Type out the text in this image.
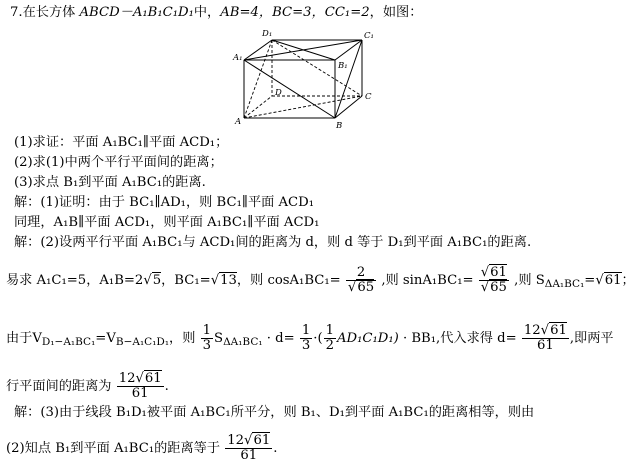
7.在长方体 ABCD－A₁B₁C₁D₁中，AB=4，BC=3，CC₁=2，如图：
A	B
C
D
A₁
B₁
C₁
D₁
(1)求证：平面 A₁BC₁∥平面 ACD₁；
(2)求(1)中两个平行平面间的距离；
(3)求点 B₁到平面 A₁BC₁的距离.
解：(1)证明：由于 BC₁∥AD₁，则 BC₁∥平面 ACD₁
同理，A₁B∥平面 ACD₁，则平面 A₁BC₁∥平面 ACD₁
解：(2)设两平行平面 A₁BC₁与 ACD₁间的距离为 d，则 d 等于 D₁到平面 A₁BC₁的距离.
易求 A₁C₁=5，A₁B=2√5，BC₁=√13，则 $\cos A_1BC_1= \frac{2}{√65}$ ,则 $\sin A_1BC_1= \frac{√61}{√65}$ ,则 $S_{\Delta A_1BC_1}=√61$；
由于$V_{D_1-A_1BC_1}=V_{B-A_1C_1D_1}$，则 $\frac{1}{3} S_{\Delta A_1BC_1} \cdot d= \frac{1}{3}$ ·( $\frac{1}{2} AD_1C_1D_1) \cdot BB_1$,代入求得 $d= \frac{12√61}{61}$ ,即两平
行平面间的距离为 $\frac{12√61}{61}$ .
解：(3)由于线段 B₁D₁被平面 A₁BC₁所平分，则 B₁、D₁到平面 A₁BC₁的距离相等，则由
(2)知点 B₁到平面 A₁BC₁的距离等于 $\frac{12√61}{61}$ .
